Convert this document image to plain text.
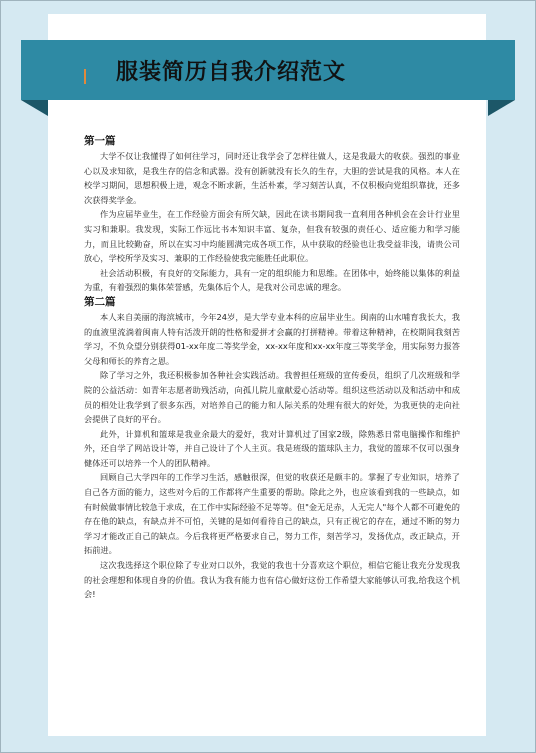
服装简历自我介绍范文

第一篇

大学不仅让我懂得了如何往学习，同时还让我学会了怎样往做人，这是我最大的收获。强烈的事业心以及求知欲，是我生存的信念和武器。没有创新就没有长久的生存，大胆的尝试是我的风格。本人在校学习期间，思想积极上进，观念不断求新，生活朴素，学习刻苦认真，不仅积极向党组织靠拢，还多次获得奖学金。

作为应届毕业生，在工作经验方面会有所欠缺，因此在读书期间我一直利用各种机会在会计行业里实习和兼职。我发现，实际工作远比书本知识丰富、复杂，但我有较强的责任心、适应能力和学习能力，而且比较勤奋，所以在实习中均能圆满完成各项工作，从中获取的经验也让我受益非浅，请贵公司放心，学校所学及实习、兼职的工作经验使我完能胜任此职位。

社会活动积极，有良好的交际能力，具有一定的组织能力和思维。在团体中，始终能以集体的利益为重，有着强烈的集体荣誉感，先集体后个人，是我对公司忠诚的理念。

第二篇

本人来自美丽的海滨城市，今年24岁，是大学专业本科的应届毕业生。闽南的山水哺育我长大，我的血液里流淌着闽南人特有活泼开朗的性格和爱拼才会赢的打拼精神。带着这种精神，在校期间我刻苦学习，不负众望分别获得01-xx年度二等奖学金，xx-xx年度和xx-xx年度三等奖学金，用实际努力报答父母和师长的养育之恩。

除了学习之外，我还积极参加各种社会实践活动。我曾担任班级的宣传委员，组织了几次班级和学院的公益活动：如青年志愿者助残活动，向孤儿院儿童献爱心活动等。组织这些活动以及和活动中和成员的相处让我学到了很多东西，对培养自己的能力和人际关系的处理有很大的好处，为我更快的走向社会提供了良好的平台。

此外，计算机和篮球是我业余最大的爱好，我对计算机过了国家2级，除熟悉日常电脑操作和维护外，还自学了网站设计等，并自己设计了个人主页。我是班级的篮球队主力，我觉的篮球不仅可以强身健体还可以培养一个人的团队精神。

回顾自己大学四年的工作学习生活，感触很深，但觉的收获还是颇丰的。掌握了专业知识，培养了自己各方面的能力，这些对今后的工作都将产生重要的帮助。除此之外，也应该看到我的一些缺点，如有时候做事情比较急于求成，在工作中实际经验不足等等。但"金无足赤，人无完人"每个人都不可避免的存在他的缺点，有缺点并不可怕，关键的是如何看待自己的缺点，只有正视它的存在，通过不断的努力学习才能改正自己的缺点。今后我将更严格要求自己，努力工作，刻苦学习，发扬优点，改正缺点，开拓前进。

这次我选择这个职位除了专业对口以外，我觉的我也十分喜欢这个职位，相信它能让我充分发现我的社会理想和体现自身的价值。我认为我有能力也有信心做好这份工作希望大家能够认可我,给我这个机会!
